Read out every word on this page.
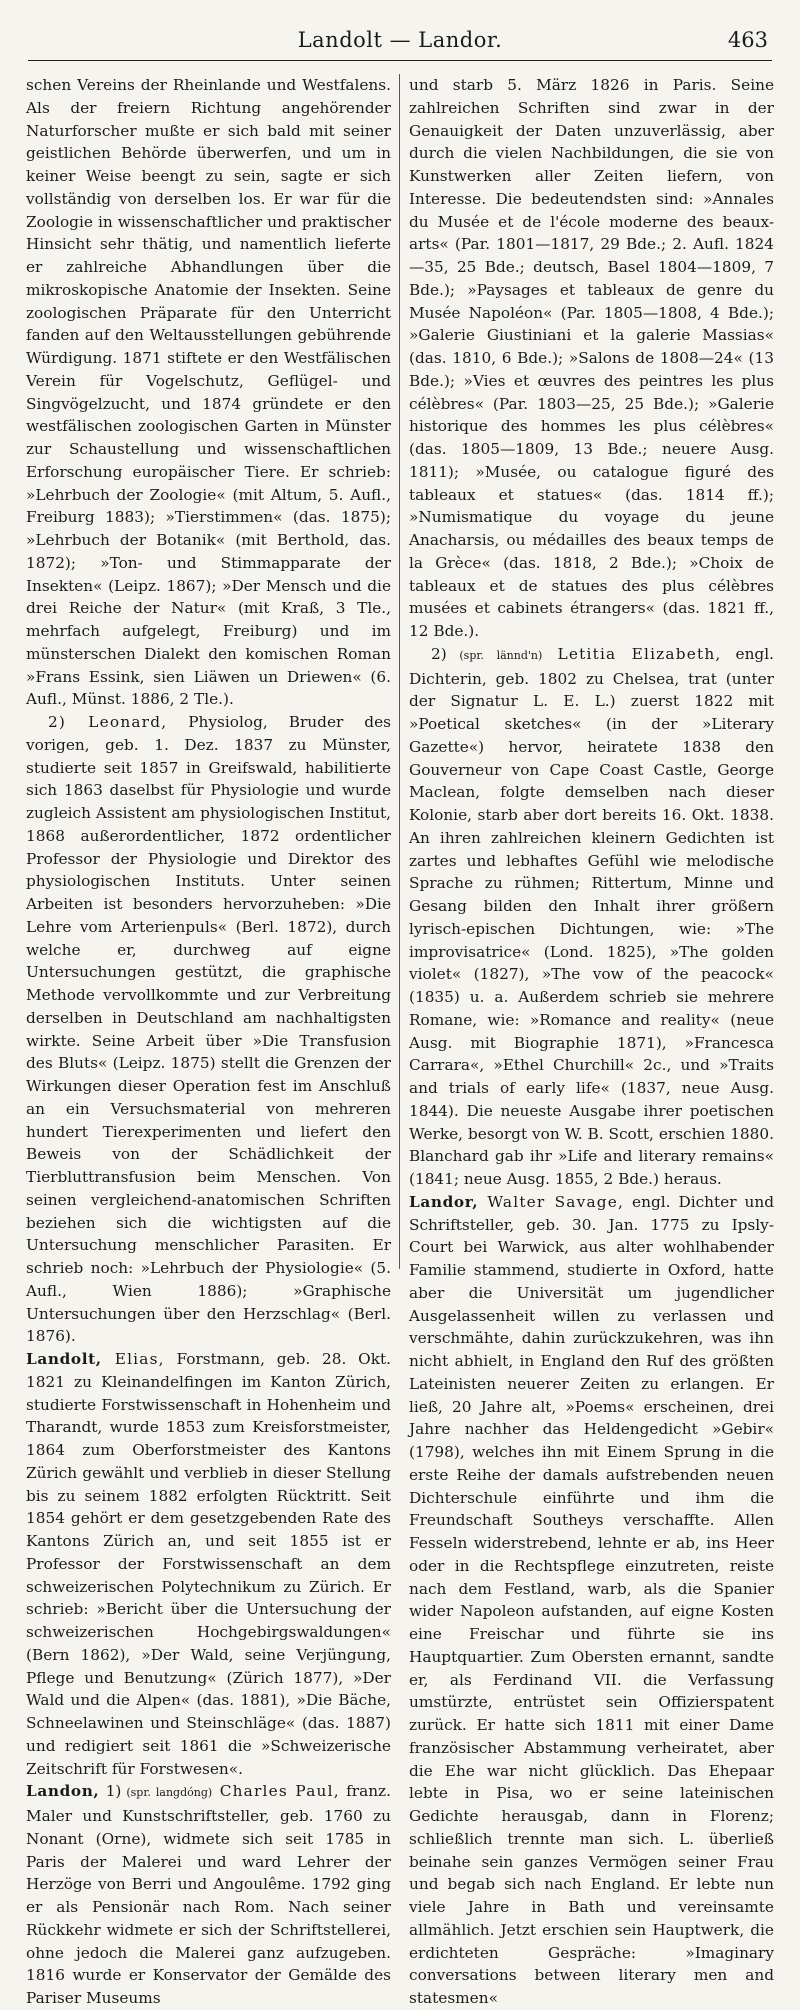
Landolt — Landor.	463

schen Vereins der Rheinlande und Westfalens. Als der freiern Richtung angehörender Naturforscher mußte er sich bald mit seiner geistlichen Behörde überwerfen, und um in keiner Weise beengt zu sein, sagte er sich vollständig von derselben los. Er war für die Zoologie in wissenschaftlicher und praktischer Hinsicht sehr thätig, und namentlich lieferte er zahlreiche Abhandlungen über die mikroskopische Anatomie der Insekten. Seine zoologischen Präparate für den Unterricht fanden auf den Weltausstellungen gebührende Würdigung. 1871 stiftete er den Westfälischen Verein für Vogelschutz, Geflügel- und Singvögelzucht, und 1874 gründete er den westfälischen zoologischen Garten in Münster zur Schaustellung und wissenschaftlichen Erforschung europäischer Tiere. Er schrieb: »Lehrbuch der Zoologie« (mit Altum, 5. Aufl., Freiburg 1883); »Tierstimmen« (das. 1875); »Lehrbuch der Botanik« (mit Berthold, das. 1872); »Ton- und Stimmapparate der Insekten« (Leipz. 1867); »Der Mensch und die drei Reiche der Natur« (mit Kraß, 3 Tle., mehrfach aufgelegt, Freiburg) und im münsterschen Dialekt den komischen Roman »Frans Essink, sien Liäwen un Driewen« (6. Aufl., Münst. 1886, 2 Tle.).

2) Leonard, Physiolog, Bruder des vorigen, geb. 1. Dez. 1837 zu Münster, studierte seit 1857 in Greifswald, habilitierte sich 1863 daselbst für Physiologie und wurde zugleich Assistent am physiologischen Institut, 1868 außerordentlicher, 1872 ordentlicher Professor der Physiologie und Direktor des physiologischen Instituts. Unter seinen Arbeiten ist besonders hervorzuheben: »Die Lehre vom Arterienpuls« (Berl. 1872), durch welche er, durchweg auf eigne Untersuchungen gestützt, die graphische Methode vervollkommte und zur Verbreitung derselben in Deutschland am nachhaltigsten wirkte. Seine Arbeit über »Die Transfusion des Bluts« (Leipz. 1875) stellt die Grenzen der Wirkungen dieser Operation fest im Anschluß an ein Versuchsmaterial von mehreren hundert Tierexperimenten und liefert den Beweis von der Schädlichkeit der Tierbluttransfusion beim Menschen. Von seinen vergleichend-anatomischen Schriften beziehen sich die wichtigsten auf die Untersuchung menschlicher Parasiten. Er schrieb noch: »Lehrbuch der Physiologie« (5. Aufl., Wien 1886); »Graphische Untersuchungen über den Herzschlag« (Berl. 1876).

Landolt, Elias, Forstmann, geb. 28. Okt. 1821 zu Kleinandelfingen im Kanton Zürich, studierte Forstwissenschaft in Hohenheim und Tharandt, wurde 1853 zum Kreisforstmeister, 1864 zum Oberforstmeister des Kantons Zürich gewählt und verblieb in dieser Stellung bis zu seinem 1882 erfolgten Rücktritt. Seit 1854 gehört er dem gesetzgebenden Rate des Kantons Zürich an, und seit 1855 ist er Professor der Forstwissenschaft an dem schweizerischen Polytechnikum zu Zürich. Er schrieb: »Bericht über die Untersuchung der schweizerischen Hochgebirgswaldungen« (Bern 1862), »Der Wald, seine Verjüngung, Pflege und Benutzung« (Zürich 1877), »Der Wald und die Alpen« (das. 1881), »Die Bäche, Schneelawinen und Steinschläge« (das. 1887) und redigiert seit 1861 die »Schweizerische Zeitschrift für Forstwesen«.

Landon, 1) (spr. langdóng) Charles Paul, franz. Maler und Kunstschriftsteller, geb. 1760 zu Nonant (Orne), widmete sich seit 1785 in Paris der Malerei und ward Lehrer der Herzöge von Berri und Angoulême. 1792 ging er als Pensionär nach Rom. Nach seiner Rückkehr widmete er sich der Schriftstellerei, ohne jedoch die Malerei ganz aufzugeben. 1816 wurde er Konservator der Gemälde des Pariser Museums

und starb 5. März 1826 in Paris. Seine zahlreichen Schriften sind zwar in der Genauigkeit der Daten unzuverlässig, aber durch die vielen Nachbildungen, die sie von Kunstwerken aller Zeiten liefern, von Interesse. Die bedeutendsten sind: »Annales du Musée et de l'école moderne des beaux-arts« (Par. 1801—1817, 29 Bde.; 2. Aufl. 1824—35, 25 Bde.; deutsch, Basel 1804—1809, 7 Bde.); »Paysages et tableaux de genre du Musée Napoléon« (Par. 1805—1808, 4 Bde.); »Galerie Giustiniani et la galerie Massias« (das. 1810, 6 Bde.); »Salons de 1808—24« (13 Bde.); »Vies et œuvres des peintres les plus célèbres« (Par. 1803—25, 25 Bde.); »Galerie historique des hommes les plus célèbres« (das. 1805—1809, 13 Bde.; neuere Ausg. 1811); »Musée, ou catalogue figuré des tableaux et statues« (das. 1814 ff.); »Numismatique du voyage du jeune Anacharsis, ou médailles des beaux temps de la Grèce« (das. 1818, 2 Bde.); »Choix de tableaux et de statues des plus célèbres musées et cabinets étrangers« (das. 1821 ff., 12 Bde.).

2) (spr. lännd'n) Letitia Elizabeth, engl. Dichterin, geb. 1802 zu Chelsea, trat (unter der Signatur L. E. L.) zuerst 1822 mit »Poetical sketches« (in der »Literary Gazette«) hervor, heiratete 1838 den Gouverneur von Cape Coast Castle, George Maclean, folgte demselben nach dieser Kolonie, starb aber dort bereits 16. Okt. 1838. An ihren zahlreichen kleinern Gedichten ist zartes und lebhaftes Gefühl wie melodische Sprache zu rühmen; Rittertum, Minne und Gesang bilden den Inhalt ihrer größern lyrisch-epischen Dichtungen, wie: »The improvisatrice« (Lond. 1825), »The golden violet« (1827), »The vow of the peacock« (1835) u. a. Außerdem schrieb sie mehrere Romane, wie: »Romance and reality« (neue Ausg. mit Biographie 1871), »Francesca Carrara«, »Ethel Churchill« 2c., und »Traits and trials of early life« (1837, neue Ausg. 1844). Die neueste Ausgabe ihrer poetischen Werke, besorgt von W. B. Scott, erschien 1880. Blanchard gab ihr »Life and literary remains« (1841; neue Ausg. 1855, 2 Bde.) heraus.

Landor, Walter Savage, engl. Dichter und Schriftsteller, geb. 30. Jan. 1775 zu Ipsly-Court bei Warwick, aus alter wohlhabender Familie stammend, studierte in Oxford, hatte aber die Universität um jugendlicher Ausgelassenheit willen zu verlassen und verschmähte, dahin zurückzukehren, was ihn nicht abhielt, in England den Ruf des größten Lateinisten neuerer Zeiten zu erlangen. Er ließ, 20 Jahre alt, »Poems« erscheinen, drei Jahre nachher das Heldengedicht »Gebir« (1798), welches ihn mit Einem Sprung in die erste Reihe der damals aufstrebenden neuen Dichterschule einführte und ihm die Freundschaft Southeys verschaffte. Allen Fesseln widerstrebend, lehnte er ab, ins Heer oder in die Rechtspflege einzutreten, reiste nach dem Festland, warb, als die Spanier wider Napoleon aufstanden, auf eigne Kosten eine Freischar und führte sie ins Hauptquartier. Zum Obersten ernannt, sandte er, als Ferdinand VII. die Verfassung umstürzte, entrüstet sein Offizierspatent zurück. Er hatte sich 1811 mit einer Dame französischer Abstammung verheiratet, aber die Ehe war nicht glücklich. Das Ehepaar lebte in Pisa, wo er seine lateinischen Gedichte herausgab, dann in Florenz; schließlich trennte man sich. L. überließ beinahe sein ganzes Vermögen seiner Frau und begab sich nach England. Er lebte nun viele Jahre in Bath und vereinsamte allmählich. Jetzt erschien sein Hauptwerk, die erdichteten Gespräche: »Imaginary conversations between literary men and statesmen«
